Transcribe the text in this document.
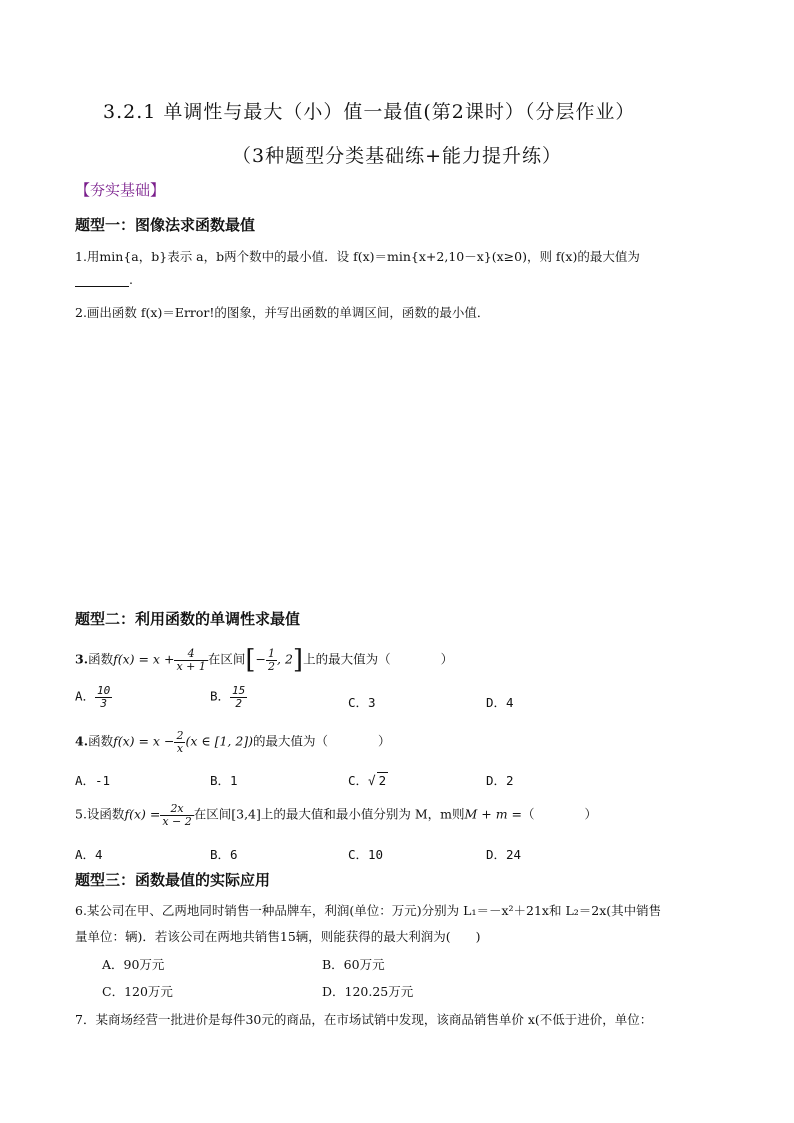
3.2.1 单调性与最大（小）值一最值(第2课时）（分层作业）
（3种题型分类基础练+能力提升练）
【夯实基础】
题型一：图像法求函数最值
1.用min{a，b}表示 a，b两个数中的最小值．设 f(x)＝min{x+2,10－x}(x≥0)，则 f(x)的最大值为
.
2.画出函数 f(x)＝Error!的图象，并写出函数的单调区间，函数的最小值．
题型二：利用函数的单调性求最值
3.函数$f(x) = x + \frac{4}{x + 1}$ 在区间[− $\frac{1}{2}$ , 2]上的最大值为（　　　　）
A． $\frac{10}{3}$	B． $\frac{15}{2}$	C．3	D．4
4.函数$f(x) = x - \frac{2}{x} (x$ ∈ [1, 2])的最大值为（　　　　）
A．-1	B．1	C．√ 2	D．2
5.设函数$f(x) = \frac{2x}{x - 2}$ 在区间[3,4]上的最大值和最小值分别为 M，m则M + m =（　　　　）
A．4	B．6	C．10	D．24
题型三：函数最值的实际应用
6.某公司在甲、乙两地同时销售一种品牌车，利润(单位：万元)分别为 L₁＝－x²＋21x和 L₂＝2x(其中销售
量单位：辆)．若该公司在两地共销售15辆，则能获得的最大利润为(　　)
A．90万元	B．60万元
C．120万元	D．120.25万元
7．某商场经营一批进价是每件30元的商品，在市场试销中发现，该商品销售单价 x(不低于进价，单位：
